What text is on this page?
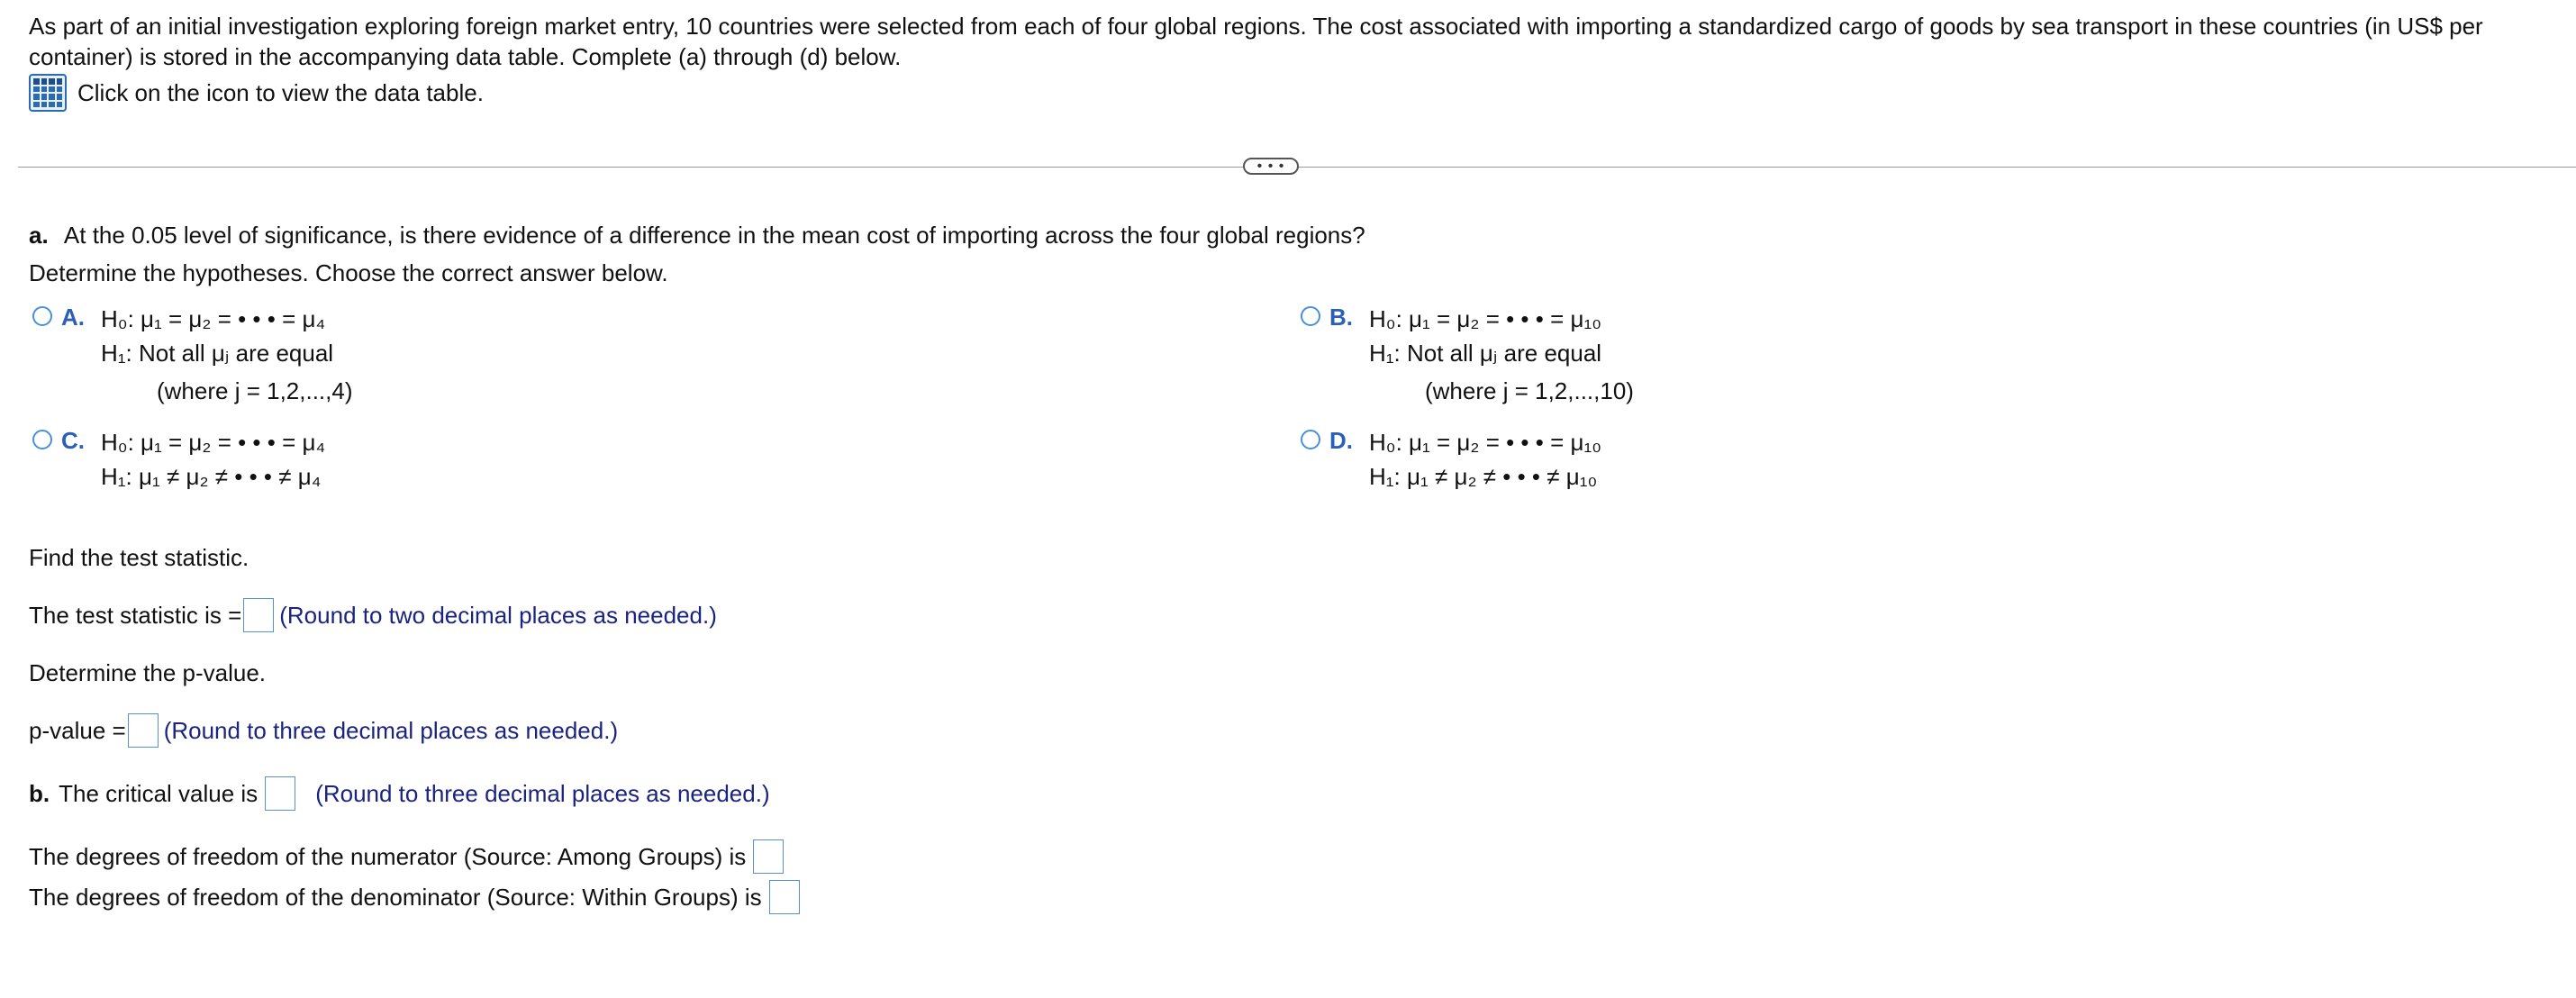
As part of an initial investigation exploring foreign market entry, 10 countries were selected from each of four global regions. The cost associated with importing a standardized cargo of goods by sea transport in these countries (in US$ per container) is stored in the accompanying data table. Complete (a) through (d) below.
Click on the icon to view the data table.
• • •
a. At the 0.05 level of significance, is there evidence of a difference in the mean cost of importing across the four global regions?
Determine the hypotheses. Choose the correct answer below.
A. H₀: μ₁ = μ₂ = • • • = μ₄
H₁: Not all μⱼ are equal
(where j = 1,2,...,4)
B. H₀: μ₁ = μ₂ = • • • = μ₁₀
H₁: Not all μⱼ are equal
(where j = 1,2,...,10)
C. H₀: μ₁ = μ₂ = • • • = μ₄
H₁: μ₁ ≠ μ₂ ≠ • • • ≠ μ₄
D. H₀: μ₁ = μ₂ = • • • = μ₁₀
H₁: μ₁ ≠ μ₂ ≠ • • • ≠ μ₁₀
Find the test statistic.
The test statistic is = (Round to two decimal places as needed.)
Determine the p-value.
p-value = (Round to three decimal places as needed.)
b. The critical value is (Round to three decimal places as needed.)
The degrees of freedom of the numerator (Source: Among Groups) is
The degrees of freedom of the denominator (Source: Within Groups) is
